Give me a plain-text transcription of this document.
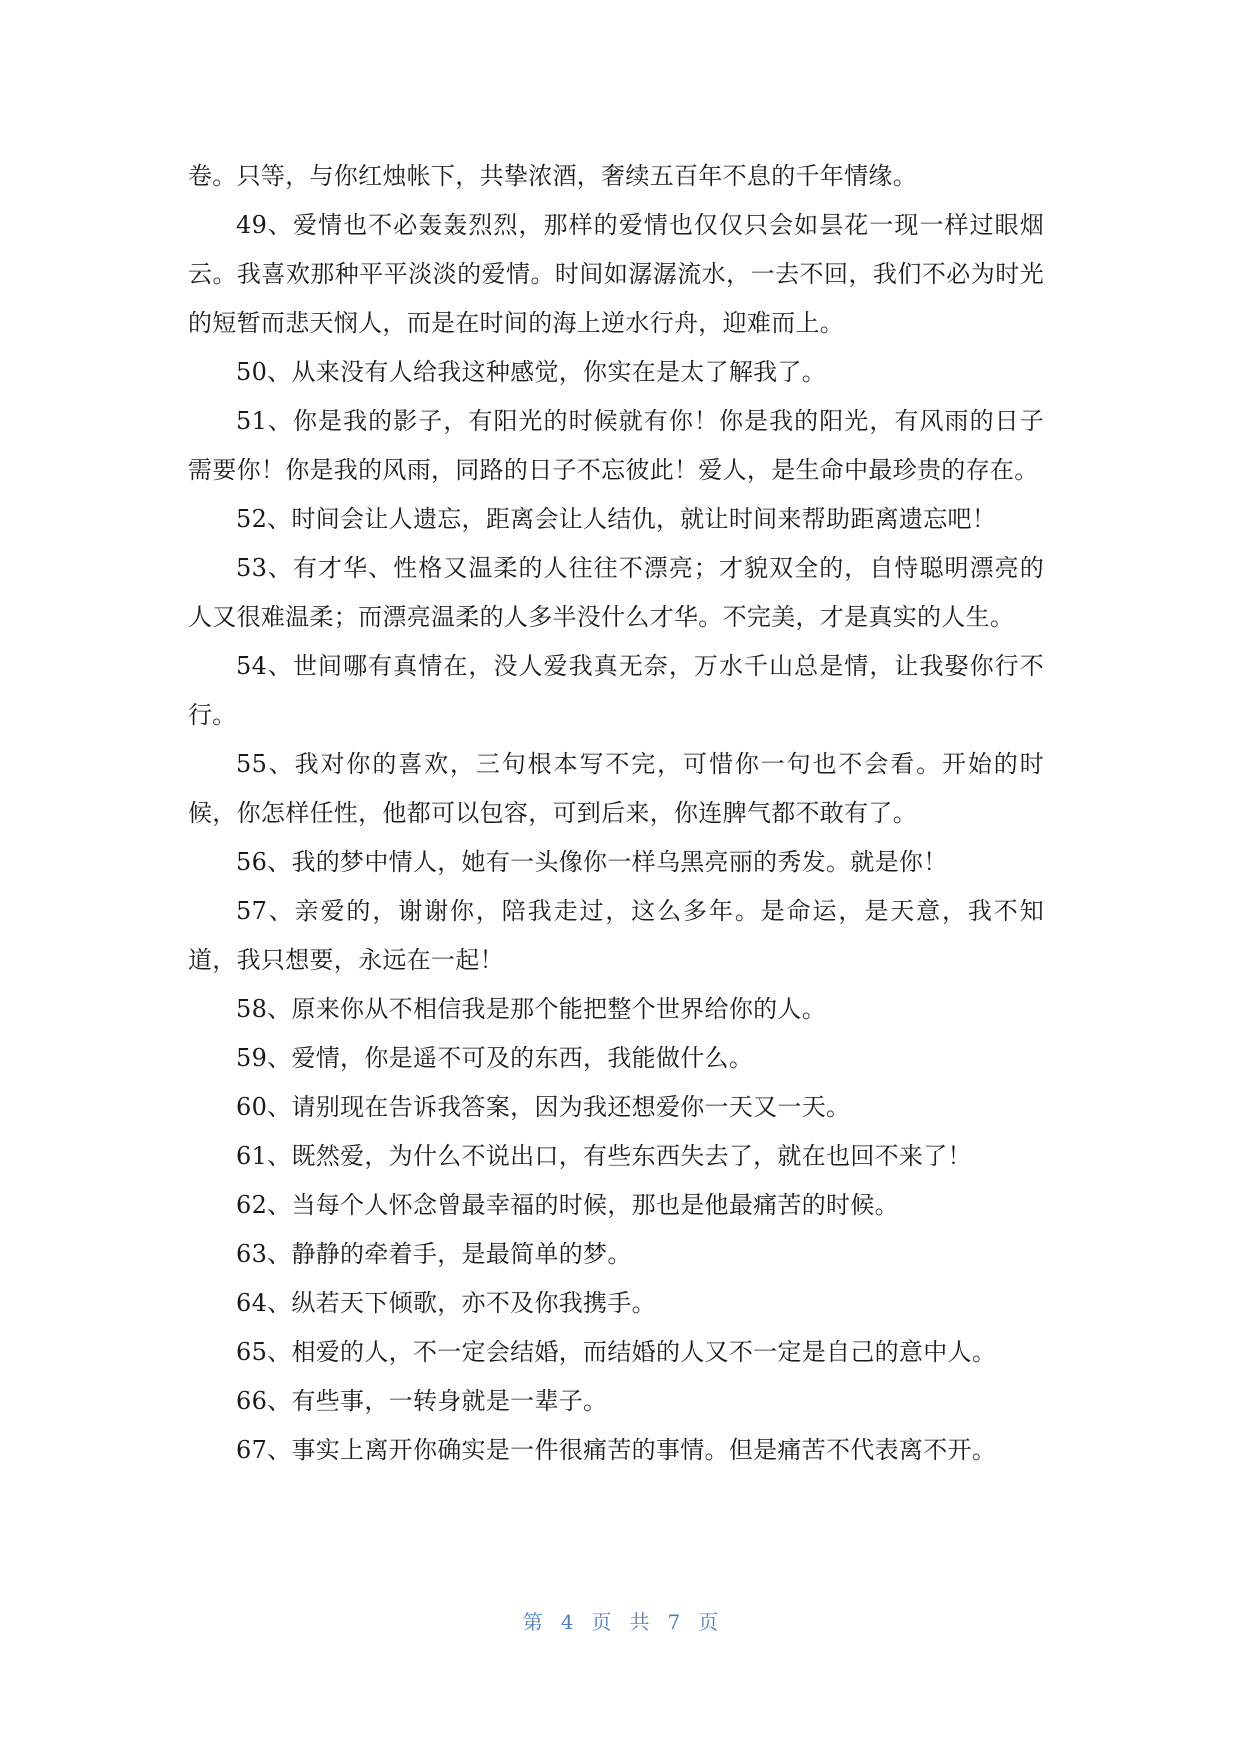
卷。只等，与你红烛帐下，共挚浓酒，奢续五百年不息的千年情缘。

49、爱情也不必轰轰烈烈，那样的爱情也仅仅只会如昙花一现一样过眼烟云。我喜欢那种平平淡淡的爱情。时间如潺潺流水，一去不回，我们不必为时光的短暂而悲天悯人，而是在时间的海上逆水行舟，迎难而上。

50、从来没有人给我这种感觉，你实在是太了解我了。

51、你是我的影子，有阳光的时候就有你！你是我的阳光，有风雨的日子需要你！你是我的风雨，同路的日子不忘彼此！爱人，是生命中最珍贵的存在。

52、时间会让人遗忘，距离会让人结仇，就让时间来帮助距离遗忘吧！

53、有才华、性格又温柔的人往往不漂亮；才貌双全的，自恃聪明漂亮的人又很难温柔；而漂亮温柔的人多半没什么才华。不完美，才是真实的人生。

54、世间哪有真情在，没人爱我真无奈，万水千山总是情，让我娶你行不行。

55、我对你的喜欢，三句根本写不完，可惜你一句也不会看。开始的时候，你怎样任性，他都可以包容，可到后来，你连脾气都不敢有了。

56、我的梦中情人，她有一头像你一样乌黑亮丽的秀发。就是你！

57、亲爱的，谢谢你，陪我走过，这么多年。是命运，是天意，我不知道，我只想要，永远在一起！

58、原来你从不相信我是那个能把整个世界给你的人。

59、爱情，你是遥不可及的东西，我能做什么。

60、请别现在告诉我答案，因为我还想爱你一天又一天。

61、既然爱，为什么不说出口，有些东西失去了，就在也回不来了！

62、当每个人怀念曾最幸福的时候，那也是他最痛苦的时候。

63、静静的牵着手，是最简单的梦。

64、纵若天下倾歌，亦不及你我携手。

65、相爱的人，不一定会结婚，而结婚的人又不一定是自己的意中人。

66、有些事，一转身就是一辈子。

67、事实上离开你确实是一件很痛苦的事情。但是痛苦不代表离不开。

第 4 页 共 7 页
